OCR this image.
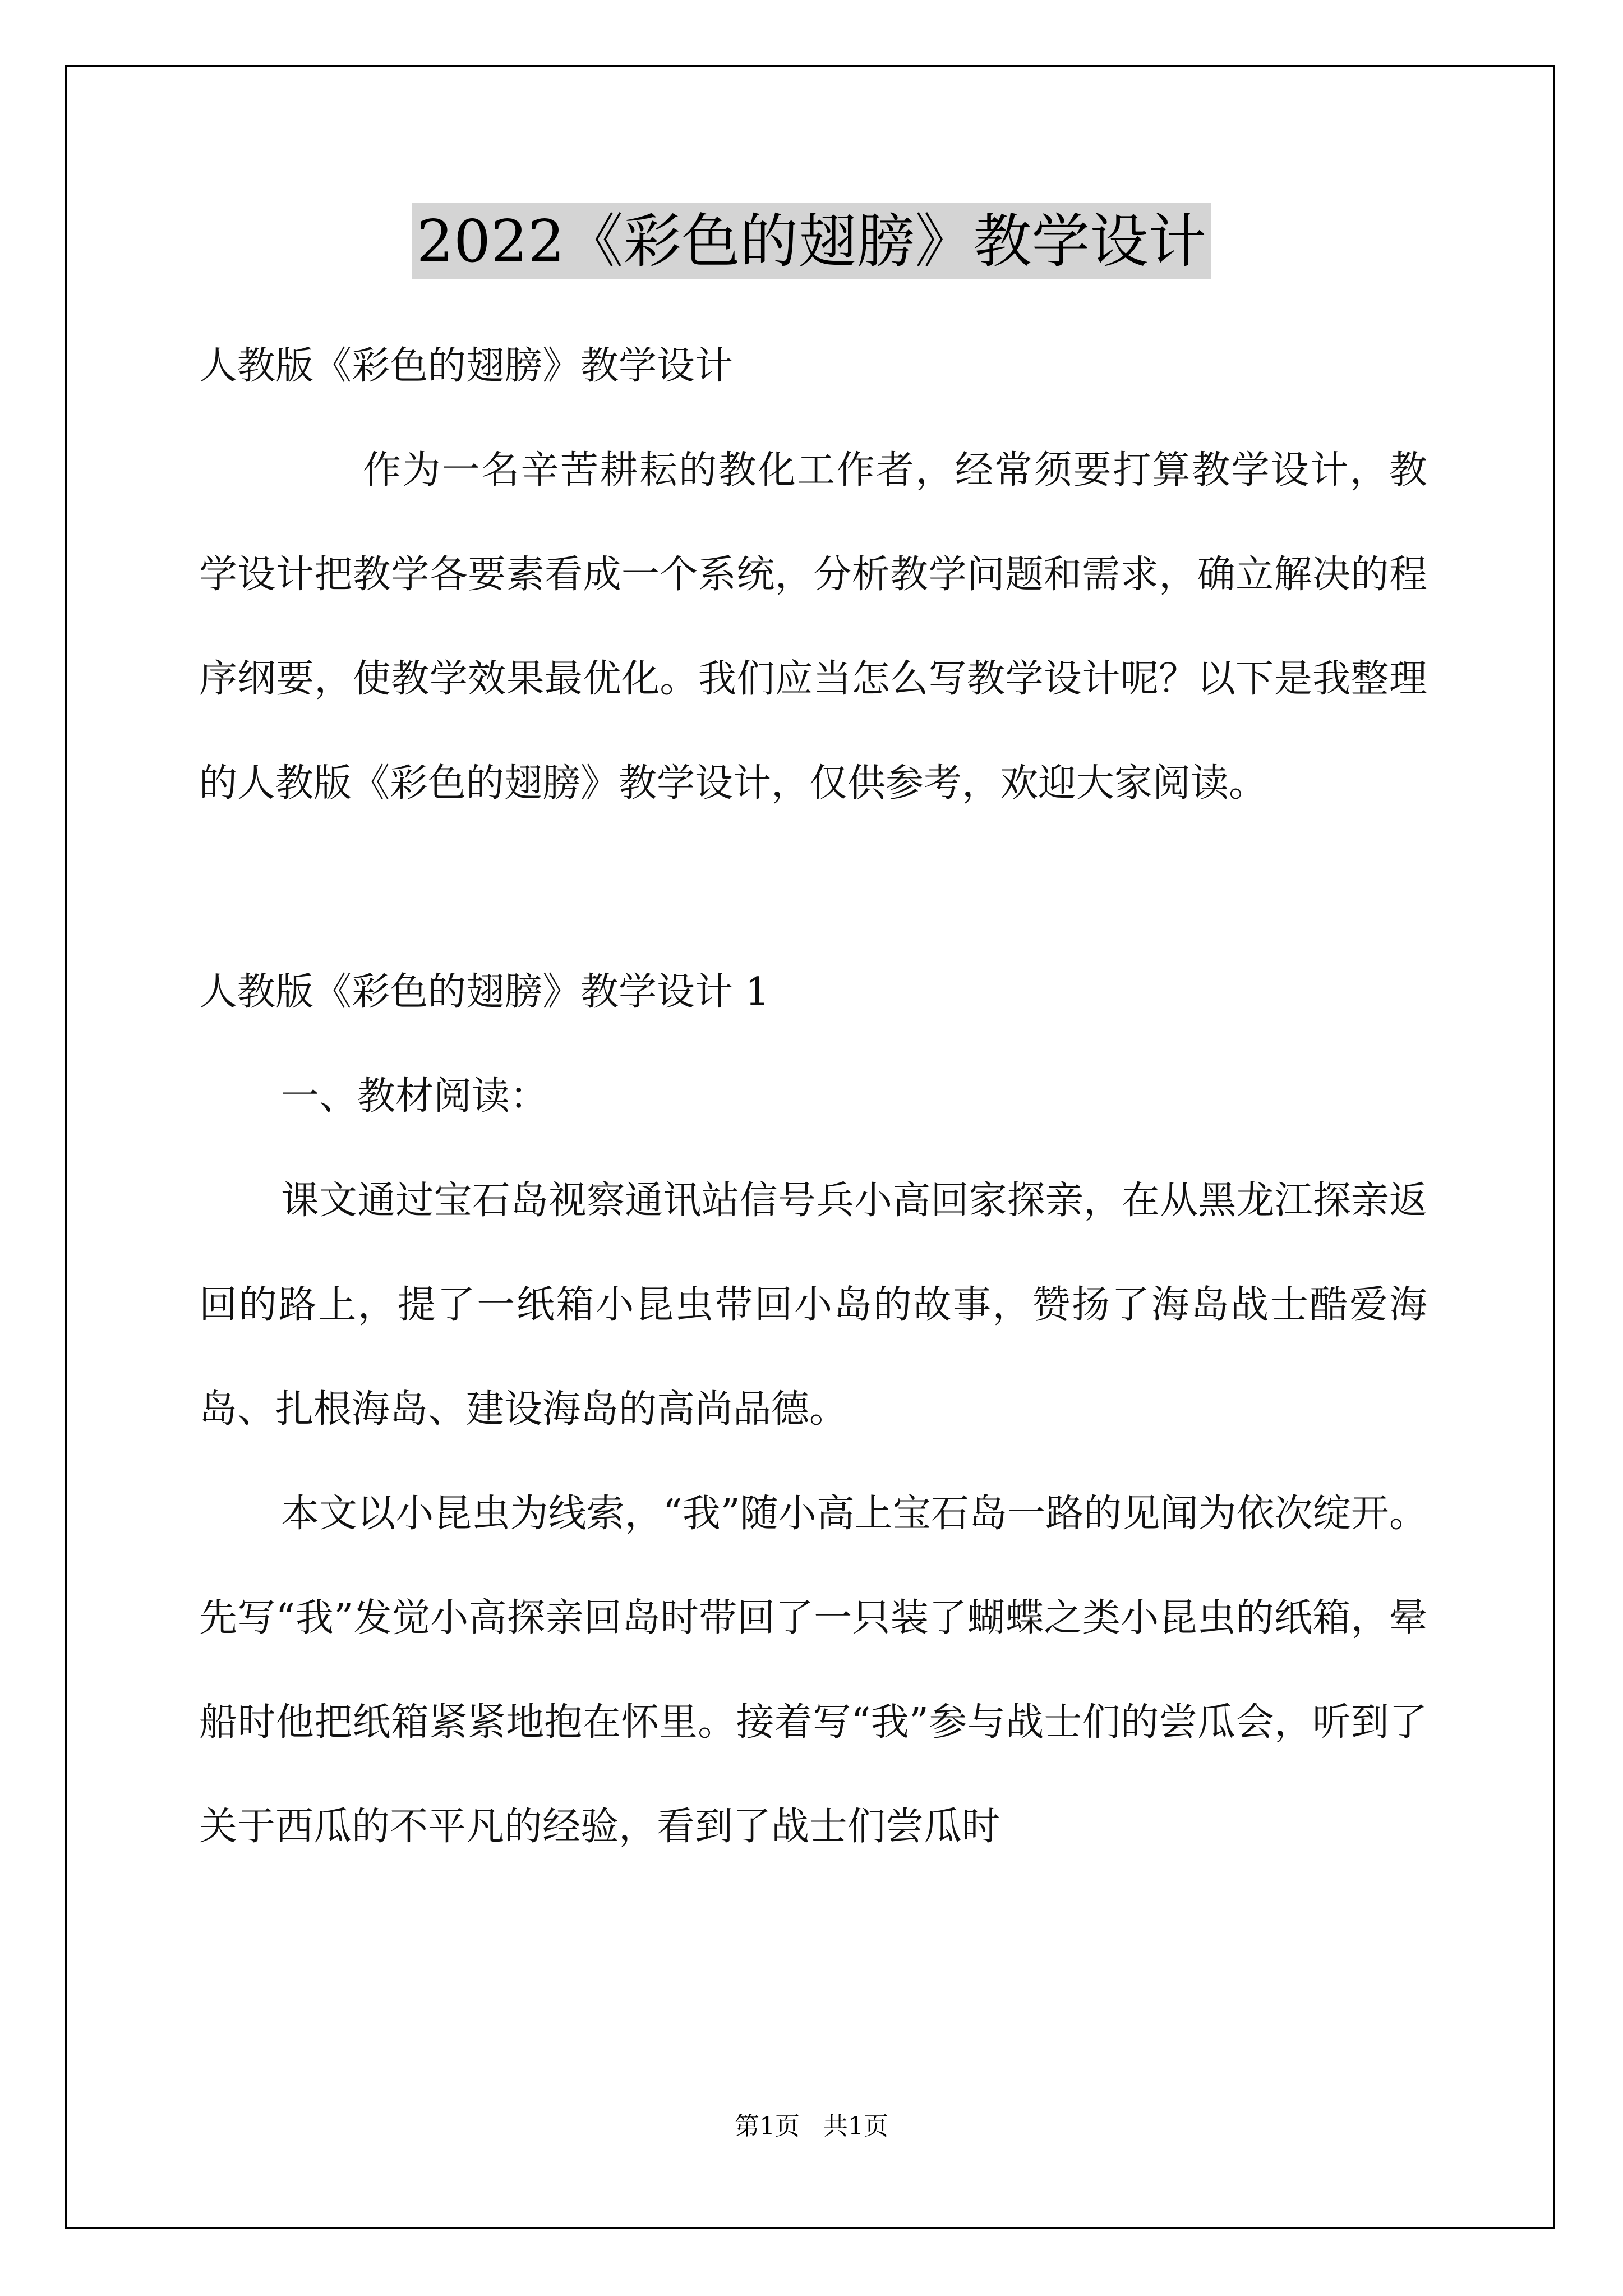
2022《彩色的翅膀》教学设计

人教版《彩色的翅膀》教学设计

作为一名辛苦耕耘的教化工作者，经常须要打算教学设计，教学设计把教学各要素看成一个系统，分析教学问题和需求，确立解决的程序纲要，使教学效果最优化。我们应当怎么写教学设计呢？以下是我整理的人教版《彩色的翅膀》教学设计，仅供参考，欢迎大家阅读。

人教版《彩色的翅膀》教学设计 1

一、教材阅读：

课文通过宝石岛视察通讯站信号兵小高回家探亲，在从黑龙江探亲返回的路上，提了一纸箱小昆虫带回小岛的故事，赞扬了海岛战士酷爱海岛、扎根海岛、建设海岛的高尚品德。

本文以小昆虫为线索，“我”随小高上宝石岛一路的见闻为依次绽开。先写“我”发觉小高探亲回岛时带回了一只装了蝴蝶之类小昆虫的纸箱，晕船时他把纸箱紧紧地抱在怀里。接着写“我”参与战士们的尝瓜会，听到了关于西瓜的不平凡的经验，看到了战士们尝瓜时

第1页 共1页
